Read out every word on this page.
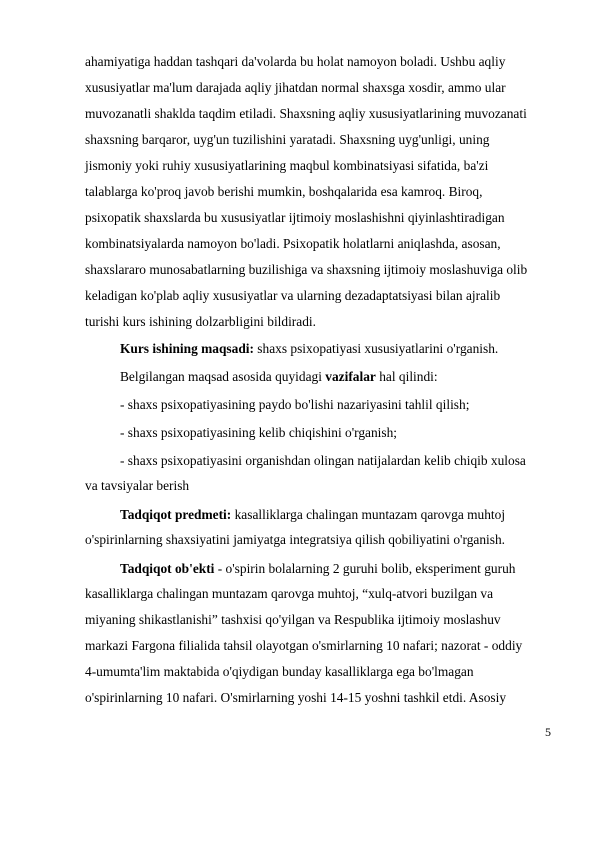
ahamiyatiga haddan tashqari da'volarda bu holat namoyon boladi. Ushbu aqliy
xususiyatlar ma'lum darajada aqliy jihatdan normal shaxsga xosdir, ammo ular
muvozanatli shaklda taqdim etiladi. Shaxsning aqliy xususiyatlarining muvozanati
shaxsning barqaror, uyg'un tuzilishini yaratadi. Shaxsning uyg'unligi, uning
jismoniy yoki ruhiy xususiyatlarining maqbul kombinatsiyasi sifatida, ba'zi
talablarga ko'proq javob berishi mumkin, boshqalarida esa kamroq. Biroq,
psixopatik shaxslarda bu xususiyatlar ijtimoiy moslashishni qiyinlashtiradigan
kombinatsiyalarda namoyon bo'ladi. Psixopatik holatlarni aniqlashda, asosan,
shaxslararo munosabatlarning buzilishiga va shaxsning ijtimoiy moslashuviga olib
keladigan ko'plab aqliy xususiyatlar va ularning dezadaptatsiyasi bilan ajralib
turishi kurs ishining dolzarbligini bildiradi.
Kurs ishining maqsadi: shaxs psixopatiyasi xususiyatlarini o'rganish.
Belgilangan maqsad asosida quyidagi vazifalar hal qilindi:
- shaxs psixopatiyasining paydo bo'lishi nazariyasini tahlil qilish;
- shaxs psixopatiyasining kelib chiqishini o'rganish;
- shaxs psixopatiyasini organishdan olingan natijalardan kelib chiqib xulosa
va tavsiyalar berish
Tadqiqot predmeti: kasalliklarga chalingan muntazam qarovga muhtoj
o'spirinlarning shaxsiyatini jamiyatga integratsiya qilish qobiliyatini o'rganish.
Tadqiqot ob'ekti - o'spirin bolalarning 2 guruhi bolib, eksperiment guruh
kasalliklarga chalingan muntazam qarovga muhtoj, “xulq-atvori buzilgan va
miyaning shikastlanishi” tashxisi qo'yilgan va Respublika ijtimoiy moslashuv
markazi Fargona filialida tahsil olayotgan o'smirlarning 10 nafari; nazorat - oddiy
4-umumta'lim maktabida o'qiydigan bunday kasalliklarga ega bo'lmagan
o'spirinlarning 10 nafari. O'smirlarning yoshi 14-15 yoshni tashkil etdi. Asosiy
5
